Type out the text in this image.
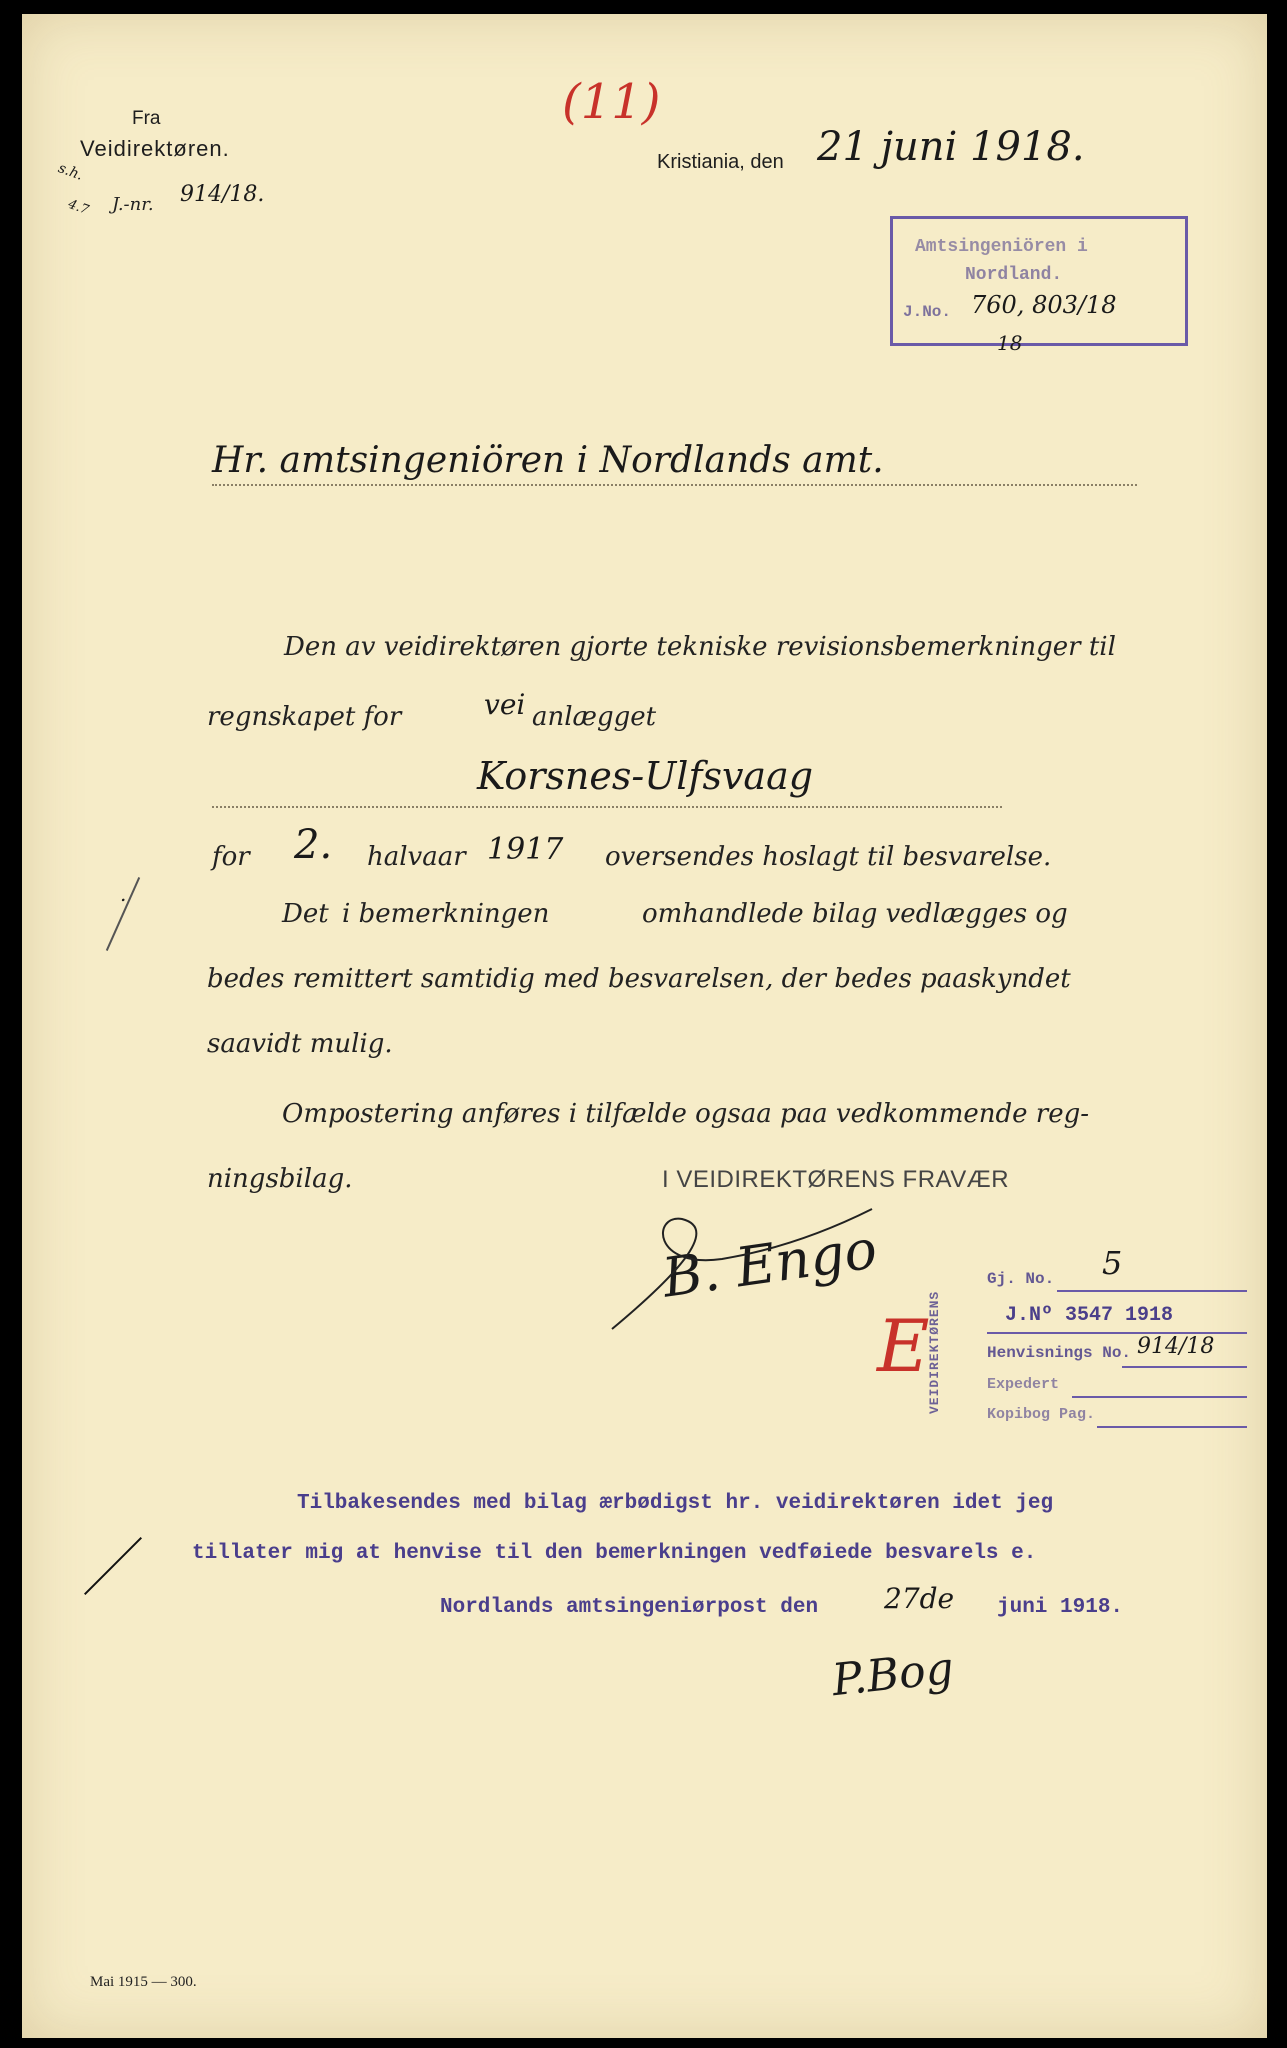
Fra
Veidirektøren.
s.h.
4.7 J.-nr. 914/18.
(11)
Kristiania, den 21 juni 1918.
Amtsingeniören i
Nordland.
J.No. 760, 803/18
18
Hr. amtsingeniören i Nordlands amt.
Den av veidirektøren gjorte tekniske revisionsbemerkninger til
regnskapet for	vei anlægget
Korsnes-Ulfsvaag
.
for 2. halvaar 1917 oversendes hoslagt til besvarelse.
Det i bemerkningen	omhandlede bilag vedlægges og
bedes remittert samtidig med besvarelsen, der bedes paaskyndet
saavidt mulig.
Ompostering anføres i tilfælde ogsaa paa vedkommende reg-
ningsbilag.	I VEIDIREKTØRENS FRAVÆR
B. Engo
E
VEIDIREKTØRENS
Gj. No. 5
J.Nº 3547 1918
Henvisnings No. 914/18
Expedert
Kopibog Pag.
Tilbakesendes med bilag ærbødigst hr. veidirektøren idet jeg
tillater mig at henvise til den bemerkningen vedføiede besvarels e.
Nordlands amtsingeniørpost den 27de juni 1918.
P.Bog
Mai 1915 — 300.
